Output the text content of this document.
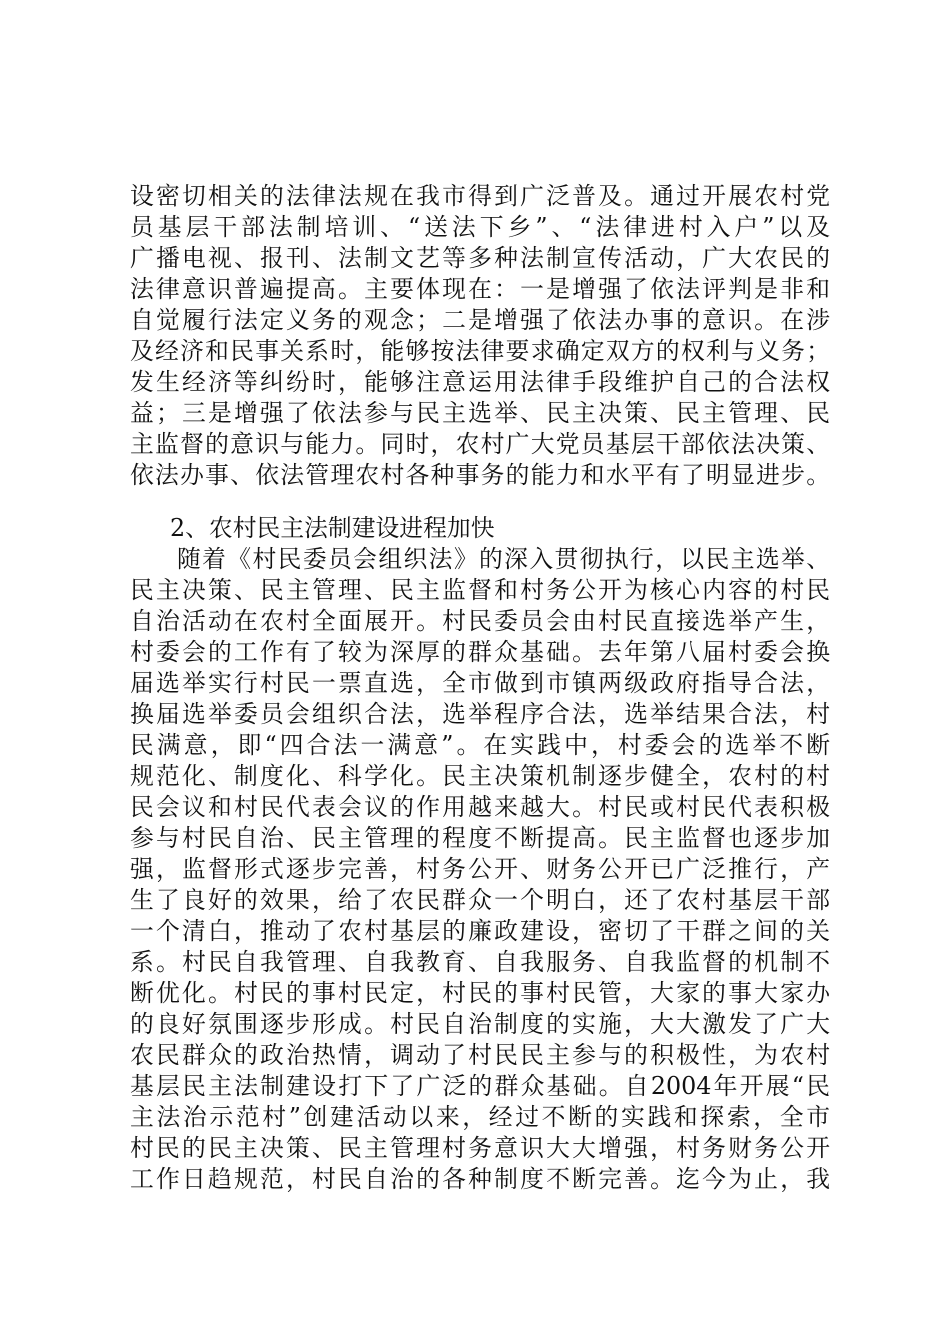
设密切相关的法律法规在我市得到广泛普及。通过开展农村党
员基层干部法制培训、“送法下乡”、“法律进村入户”以及
广播电视、报刊、法制文艺等多种法制宣传活动，广大农民的
法律意识普遍提高。主要体现在：一是增强了依法评判是非和
自觉履行法定义务的观念；二是增强了依法办事的意识。在涉
及经济和民事关系时，能够按法律要求确定双方的权利与义务；
发生经济等纠纷时，能够注意运用法律手段维护自己的合法权
益；三是增强了依法参与民主选举、民主决策、民主管理、民
主监督的意识与能力。同时，农村广大党员基层干部依法决策、
依法办事、依法管理农村各种事务的能力和水平有了明显进步。
2、农村民主法制建设进程加快
随着《村民委员会组织法》的深入贯彻执行，以民主选举、
民主决策、民主管理、民主监督和村务公开为核心内容的村民
自治活动在农村全面展开。村民委员会由村民直接选举产生，
村委会的工作有了较为深厚的群众基础。去年第八届村委会换
届选举实行村民一票直选，全市做到市镇两级政府指导合法，
换届选举委员会组织合法，选举程序合法，选举结果合法，村
民满意，即“四合法一满意”。在实践中，村委会的选举不断
规范化、制度化、科学化。民主决策机制逐步健全，农村的村
民会议和村民代表会议的作用越来越大。村民或村民代表积极
参与村民自治、民主管理的程度不断提高。民主监督也逐步加
强，监督形式逐步完善，村务公开、财务公开已广泛推行，产
生了良好的效果，给了农民群众一个明白，还了农村基层干部
一个清白，推动了农村基层的廉政建设，密切了干群之间的关
系。村民自我管理、自我教育、自我服务、自我监督的机制不
断优化。村民的事村民定，村民的事村民管，大家的事大家办
的良好氛围逐步形成。村民自治制度的实施，大大激发了广大
农民群众的政治热情，调动了村民民主参与的积极性，为农村
基层民主法制建设打下了广泛的群众基础。自2004年开展“民
主法治示范村”创建活动以来，经过不断的实践和探索，全市
村民的民主决策、民主管理村务意识大大增强，村务财务公开
工作日趋规范，村民自治的各种制度不断完善。迄今为止，我
